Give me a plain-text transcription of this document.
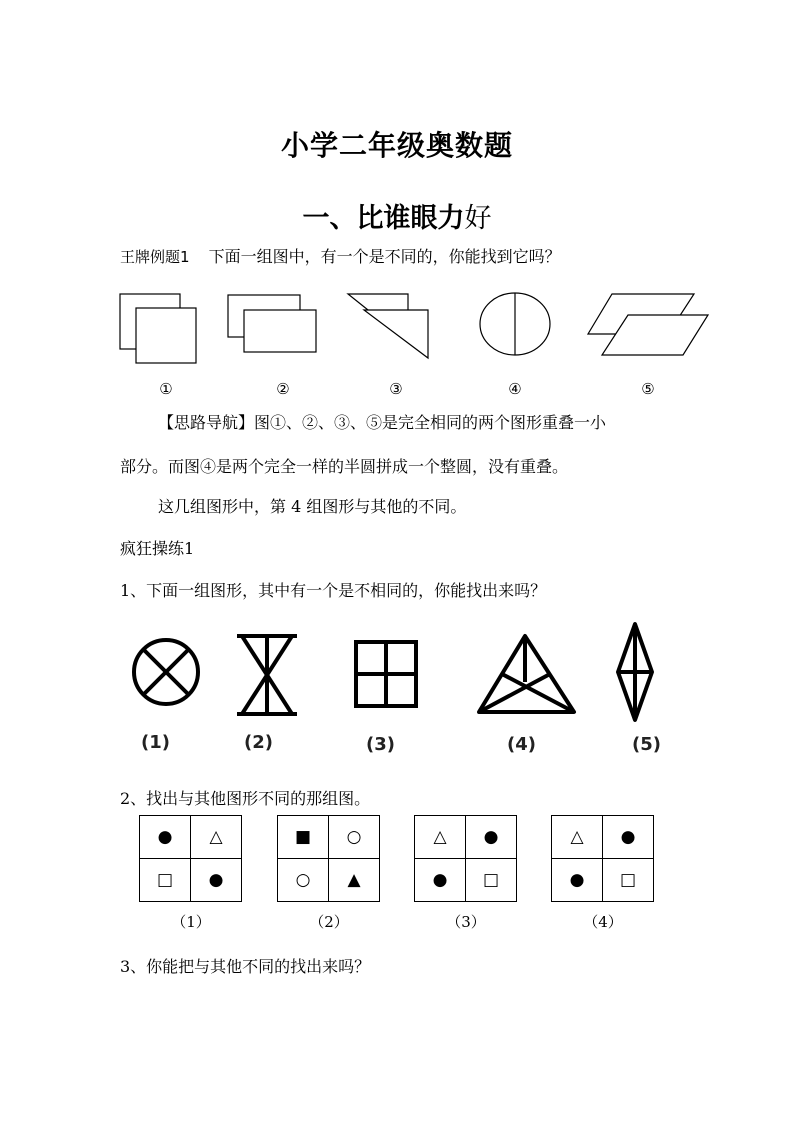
小学二年级奥数题
一、比谁眼力好
王牌例题1 下面一组图中，有一个是不同的，你能找到它吗？
①	②	③	④	⑤
【思路导航】图①、②、③、⑤是完全相同的两个图形重叠一小
部分。而图④是两个完全一样的半圆拼成一个整圆，没有重叠。
这几组图形中，第 4 组图形与其他的不同。
疯狂操练1
1、下面一组图形，其中有一个是不相同的，你能找出来吗？
(1)	(2)	(3)	(4)	(5)
2、找出与其他图形不同的那组图。
●	△
□	●
■	○
○	▲
△	●
●	□
△	●
●	□
（1）	（2）	（3）	（4）
3、你能把与其他不同的找出来吗？
